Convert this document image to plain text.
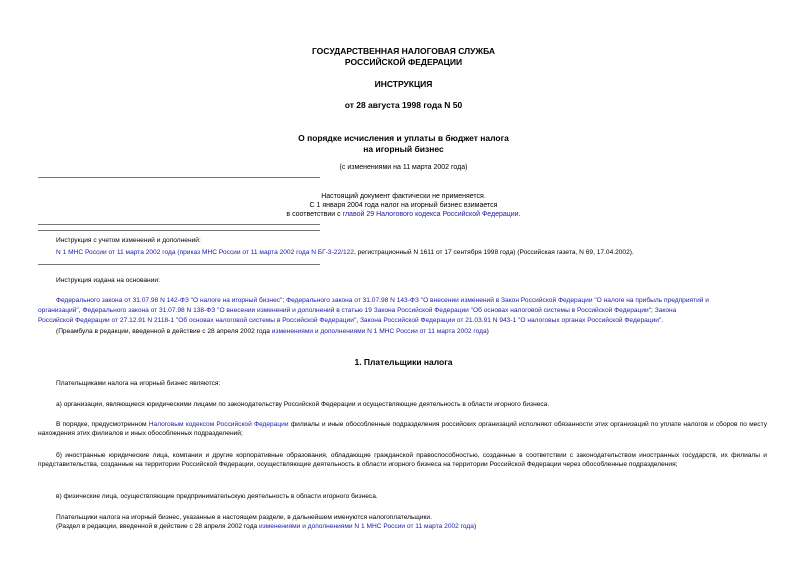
ГОСУДАРСТВЕННАЯ НАЛОГОВАЯ СЛУЖБА
РОССИЙСКОЙ ФЕДЕРАЦИИ
ИНСТРУКЦИЯ
от 28 августа 1998 года N 50
О порядке исчисления и уплаты в бюджет налога
на игорный бизнес
(с изменениями на 11 марта 2002 года)
Настоящий документ фактически не применяется.
С 1 января 2004 года налог на игорный бизнес взимается
в соответствии с главой 29 Налогового кодекса Российской Федерации.
Инструкция с учетом изменений и дополнений:
N 1 МНС России от 11 марта 2002 года (приказ МНС России от 11 марта 2002 года N БГ-3-22/122, регистрационный N 1611 от 17 сентября 1998 года) (Российская газета, N 69, 17.04.2002).
Инструкция издана на основании:
Федерального закона от 31.07.98 N 142-ФЗ "О налоге на игорный бизнес"; Федерального закона от 31.07.98 N 143-ФЗ "О внесении изменений в Закон Российской Федерации "О налоге на прибыль предприятий и
организаций", Федерального закона от 31.07.98 N 138-ФЗ "О внесении изменений и дополнений в статью 19 Закона Российской Федерации "Об основах налоговой системы в Российской Федерации"; Закона
Российской Федерации от 27.12.91 N 2118-1 "Об основах налоговой системы в Российской Федерации", Закона Российской Федерации от 21.03.91 N 943-1 "О налоговых органах Российской Федерации".
(Преамбула в редакции, введенной в действие с 28 апреля 2002 года изменениями и дополнениями N 1 МНС России от 11 марта 2002 года)
1. Плательщики налога
Плательщиками налога на игорный бизнес являются:
а) организации, являющиеся юридическими лицами по законодательству Российской Федерации и осуществляющие деятельность в области игорного бизнеса.
В порядке, предусмотренном Налоговым кодексом Российской Федерации филиалы и иные обособленные подразделения российских организаций исполняют обязанности этих организаций по уплате налогов и сборов по месту нахождения этих филиалов и иных обособленных подразделений;
б) иностранные юридические лица, компании и другие корпоративные образования, обладающие гражданской правоспособностью, созданные в соответствии с законодательством иностранных государств, их филиалы и представительства, созданные на территории Российской Федерации, осуществляющие деятельность в области игорного бизнеса на территории Российской Федерации через обособленные подразделения;
в) физические лица, осуществляющие предпринимательскую деятельность в области игорного бизнеса.
Плательщики налога на игорный бизнес, указанные в настоящем разделе, в дальнейшем именуются налогоплательщики.
(Раздел в редакции, введенной в действие с 28 апреля 2002 года изменениями и дополнениями N 1 МНС России от 11 марта 2002 года)
